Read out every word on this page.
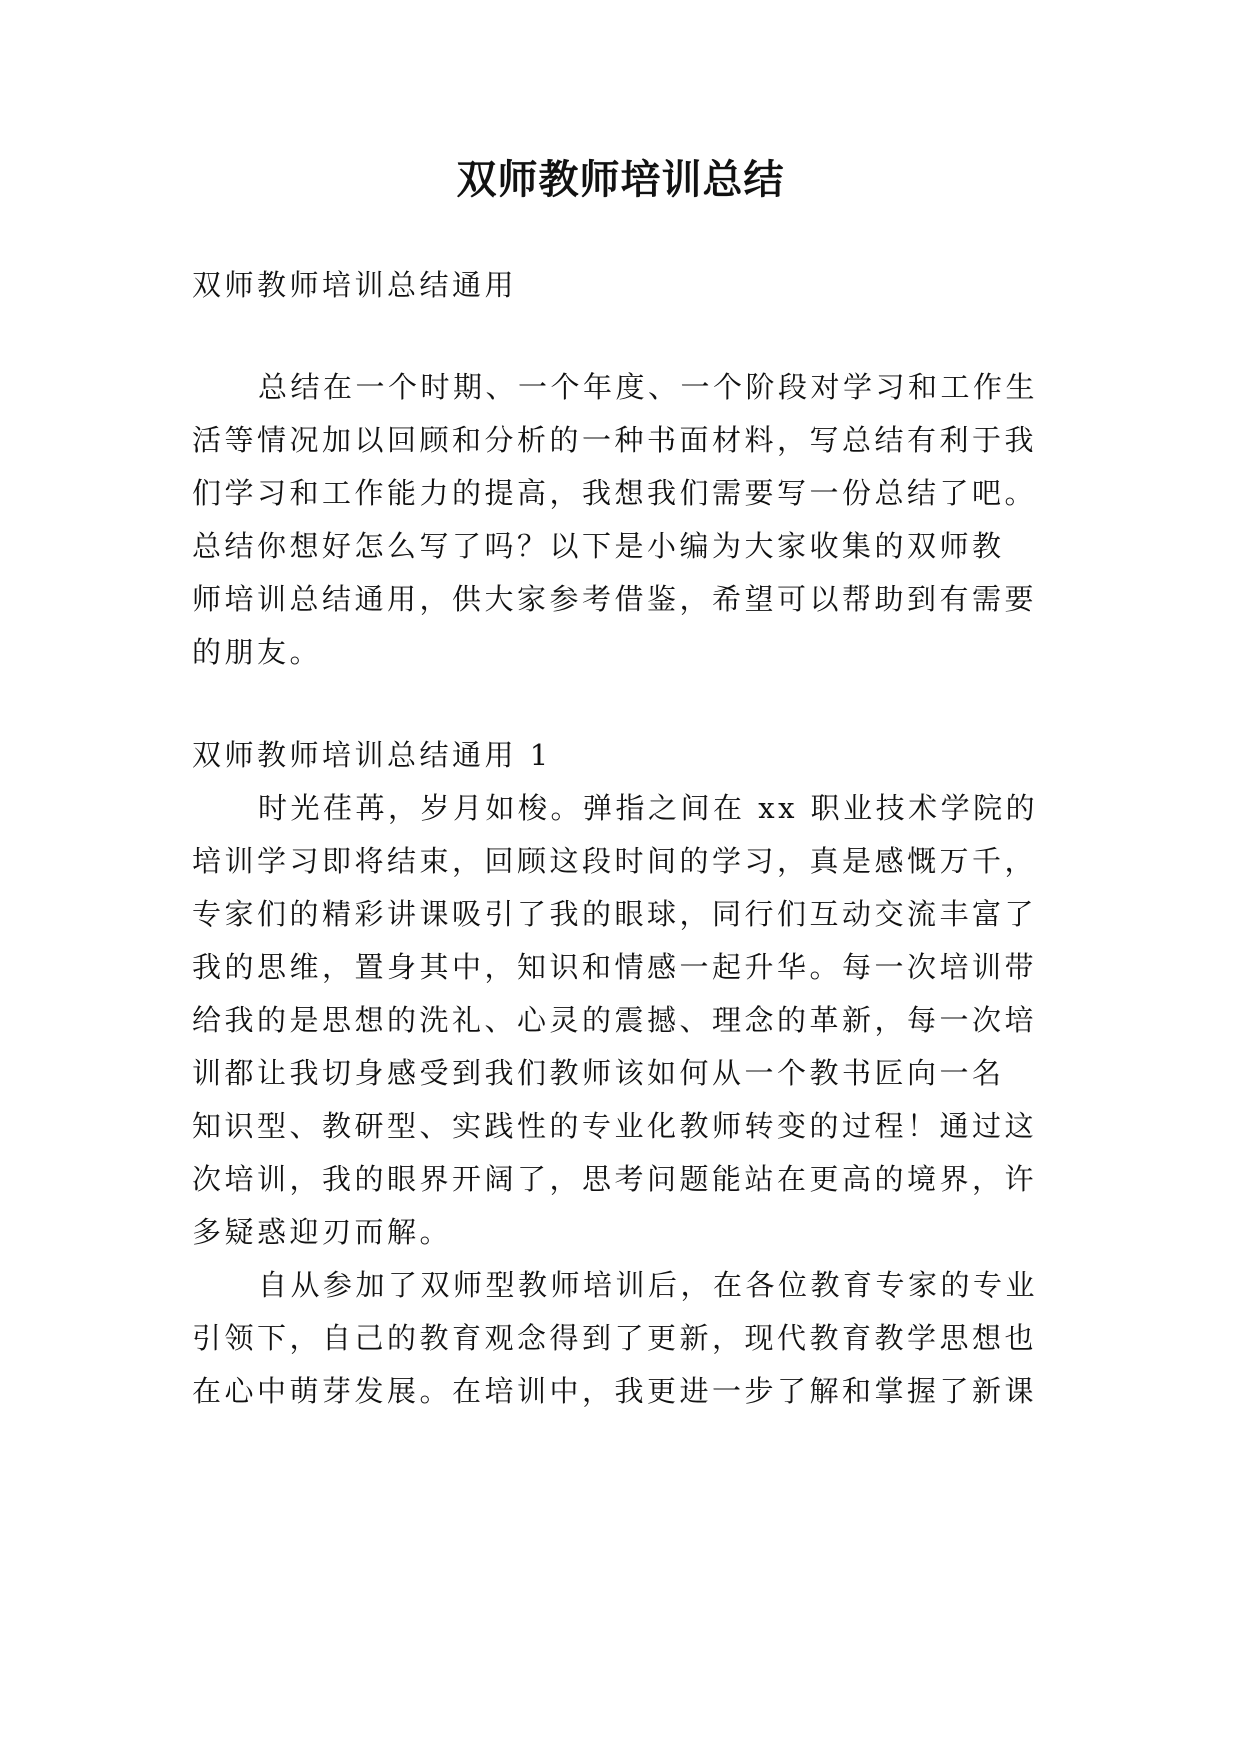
双师教师培训总结
双师教师培训总结通用
总结在一个时期、一个年度、一个阶段对学习和工作生
活等情况加以回顾和分析的一种书面材料，写总结有利于我
们学习和工作能力的提高，我想我们需要写一份总结了吧。
总结你想好怎么写了吗？以下是小编为大家收集的双师教
师培训总结通用，供大家参考借鉴，希望可以帮助到有需要
的朋友。
双师教师培训总结通用 1
时光荏苒，岁月如梭。弹指之间在 xx 职业技术学院的
培训学习即将结束，回顾这段时间的学习，真是感慨万千，
专家们的精彩讲课吸引了我的眼球，同行们互动交流丰富了
我的思维，置身其中，知识和情感一起升华。每一次培训带
给我的是思想的洗礼、心灵的震撼、理念的革新，每一次培
训都让我切身感受到我们教师该如何从一个教书匠向一名
知识型、教研型、实践性的专业化教师转变的过程！通过这
次培训，我的眼界开阔了，思考问题能站在更高的境界，许
多疑惑迎刃而解。
自从参加了双师型教师培训后，在各位教育专家的专业
引领下，自己的教育观念得到了更新，现代教育教学思想也
在心中萌芽发展。在培训中，我更进一步了解和掌握了新课
